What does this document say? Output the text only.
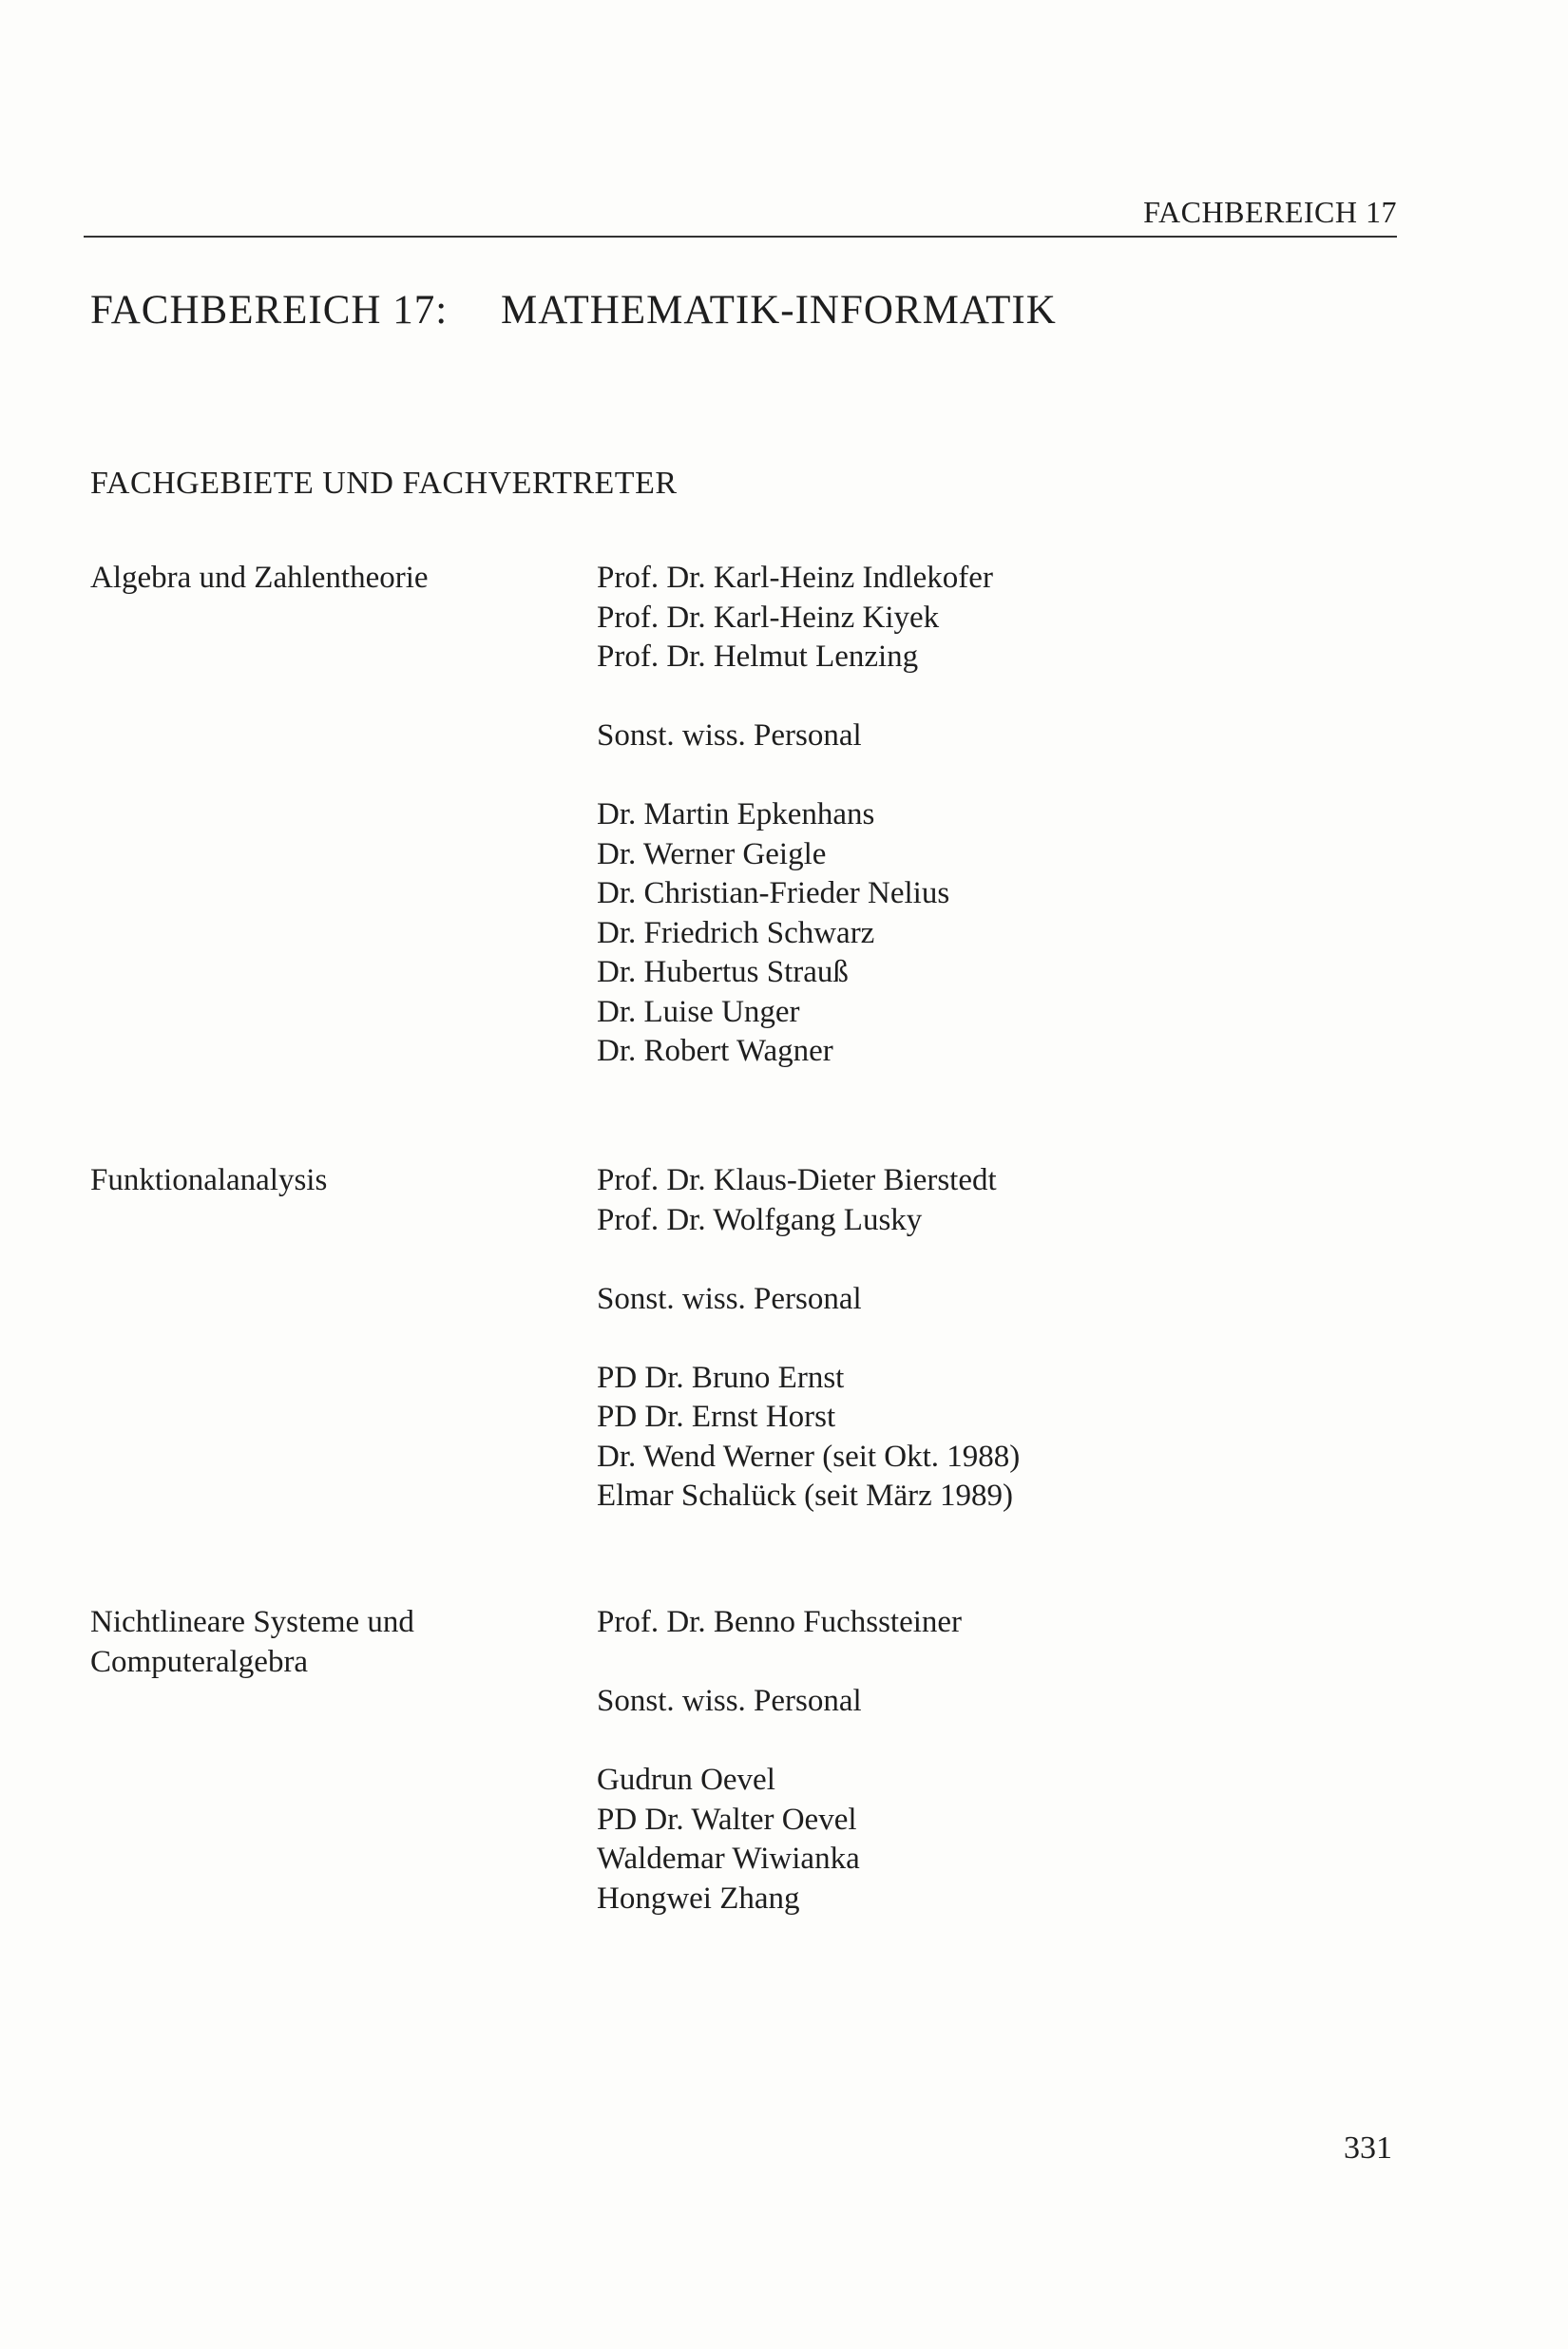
FACHBEREICH 17
FACHBEREICH 17: MATHEMATIK-INFORMATIK
FACHGEBIETE UND FACHVERTRETER
Algebra und Zahlentheorie	Prof. Dr. Karl-Heinz Indlekofer
Prof. Dr. Karl-Heinz Kiyek
Prof. Dr. Helmut Lenzing
Sonst. wiss. Personal
Dr. Martin Epkenhans
Dr. Werner Geigle
Dr. Christian-Frieder Nelius
Dr. Friedrich Schwarz
Dr. Hubertus Strauß
Dr. Luise Unger
Dr. Robert Wagner
Funktionalanalysis	Prof. Dr. Klaus-Dieter Bierstedt
Prof. Dr. Wolfgang Lusky
Sonst. wiss. Personal
PD Dr. Bruno Ernst
PD Dr. Ernst Horst
Dr. Wend Werner (seit Okt. 1988)
Elmar Schalück (seit März 1989)
Nichtlineare Systeme und
Computeralgebra
Prof. Dr. Benno Fuchssteiner
Sonst. wiss. Personal
Gudrun Oevel
PD Dr. Walter Oevel
Waldemar Wiwianka
Hongwei Zhang
331
